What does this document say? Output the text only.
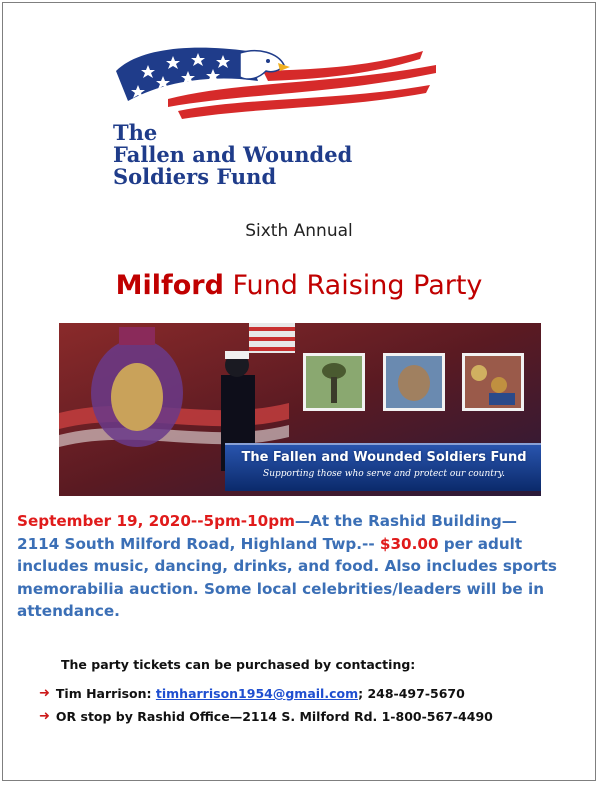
The
Fallen and Wounded
Soldiers Fund
Sixth Annual
Milford Fund Raising Party
The Fallen and Wounded Soldiers Fund
Supporting those who serve and protect our country.
September 19, 2020--5pm-10pm—At the Rashid Building—
2114 South Milford Road, Highland Twp.-- $30.00 per adult includes music, dancing, drinks, and food. Also includes sports memorabilia auction. Some local celebrities/leaders will be in attendance.
The party tickets can be purchased by contacting:
➜ Tim Harrison:
timharrison1954@gmail.com ; 248-497-5670
➜ OR stop by Rashid Office—2114 S. Milford Rd. 1-800-567-4490
